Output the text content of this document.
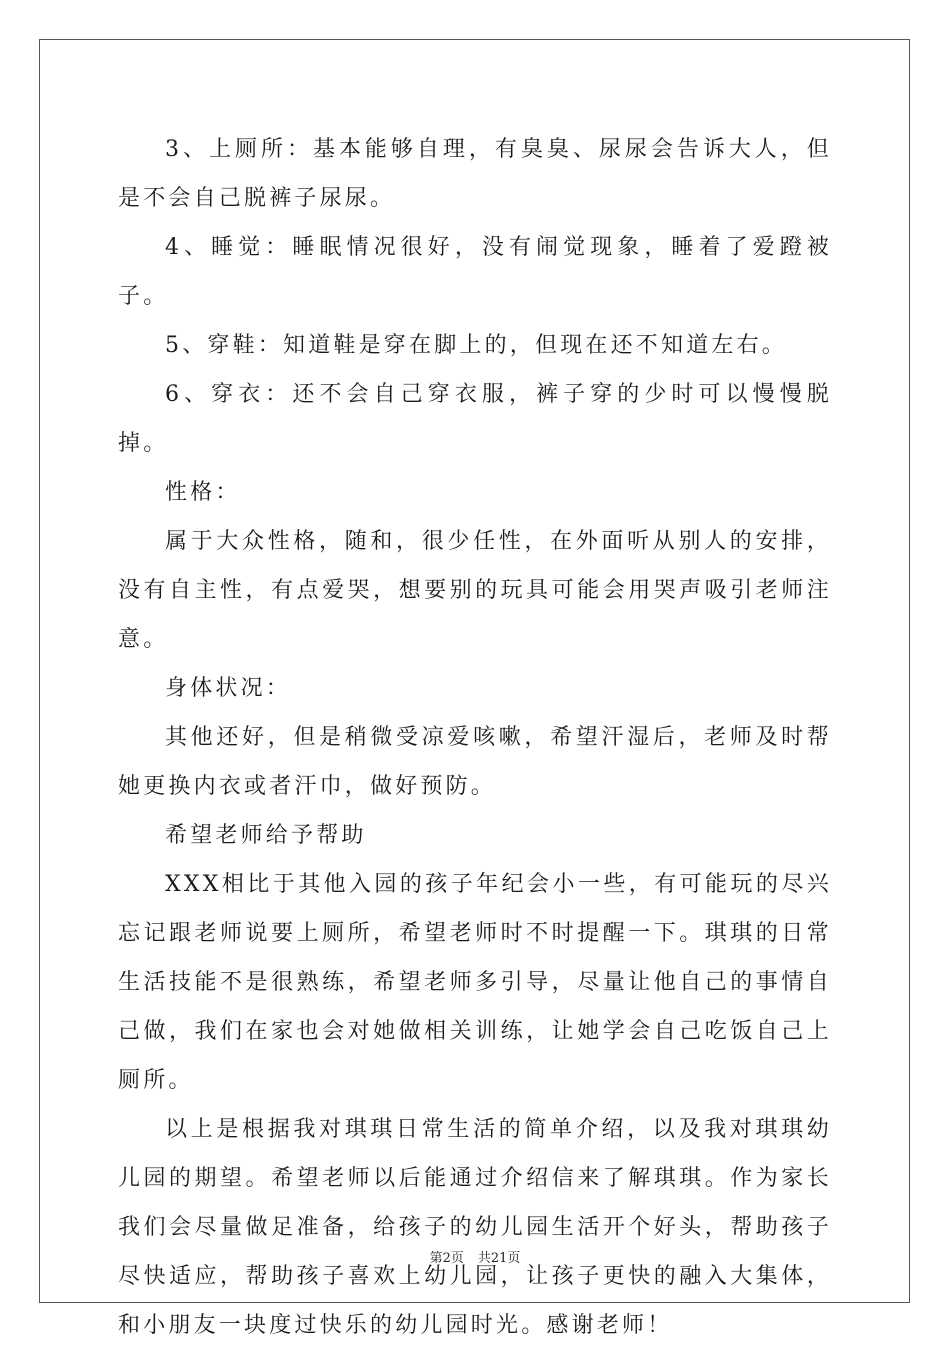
3、上厕所：基本能够自理，有臭臭、尿尿会告诉大人，但是不会自己脱裤子尿尿。

4、睡觉：睡眠情况很好，没有闹觉现象，睡着了爱蹬被子。

5、穿鞋：知道鞋是穿在脚上的，但现在还不知道左右。

6、穿衣：还不会自己穿衣服，裤子穿的少时可以慢慢脱掉。

性格：

属于大众性格，随和，很少任性，在外面听从别人的安排，没有自主性，有点爱哭，想要别的玩具可能会用哭声吸引老师注意。

身体状况：

其他还好，但是稍微受凉爱咳嗽，希望汗湿后，老师及时帮她更换内衣或者汗巾，做好预防。

希望老师给予帮助

XXX相比于其他入园的孩子年纪会小一些，有可能玩的尽兴忘记跟老师说要上厕所，希望老师时不时提醒一下。琪琪的日常生活技能不是很熟练，希望老师多引导，尽量让他自己的事情自己做，我们在家也会对她做相关训练，让她学会自己吃饭自己上厕所。

以上是根据我对琪琪日常生活的简单介绍，以及我对琪琪幼儿园的期望。希望老师以后能通过介绍信来了解琪琪。作为家长我们会尽量做足准备，给孩子的幼儿园生活开个好头，帮助孩子尽快适应，帮助孩子喜欢上幼儿园，让孩子更快的融入大集体，和小朋友一块度过快乐的幼儿园时光。感谢老师！

第2页 共21页
